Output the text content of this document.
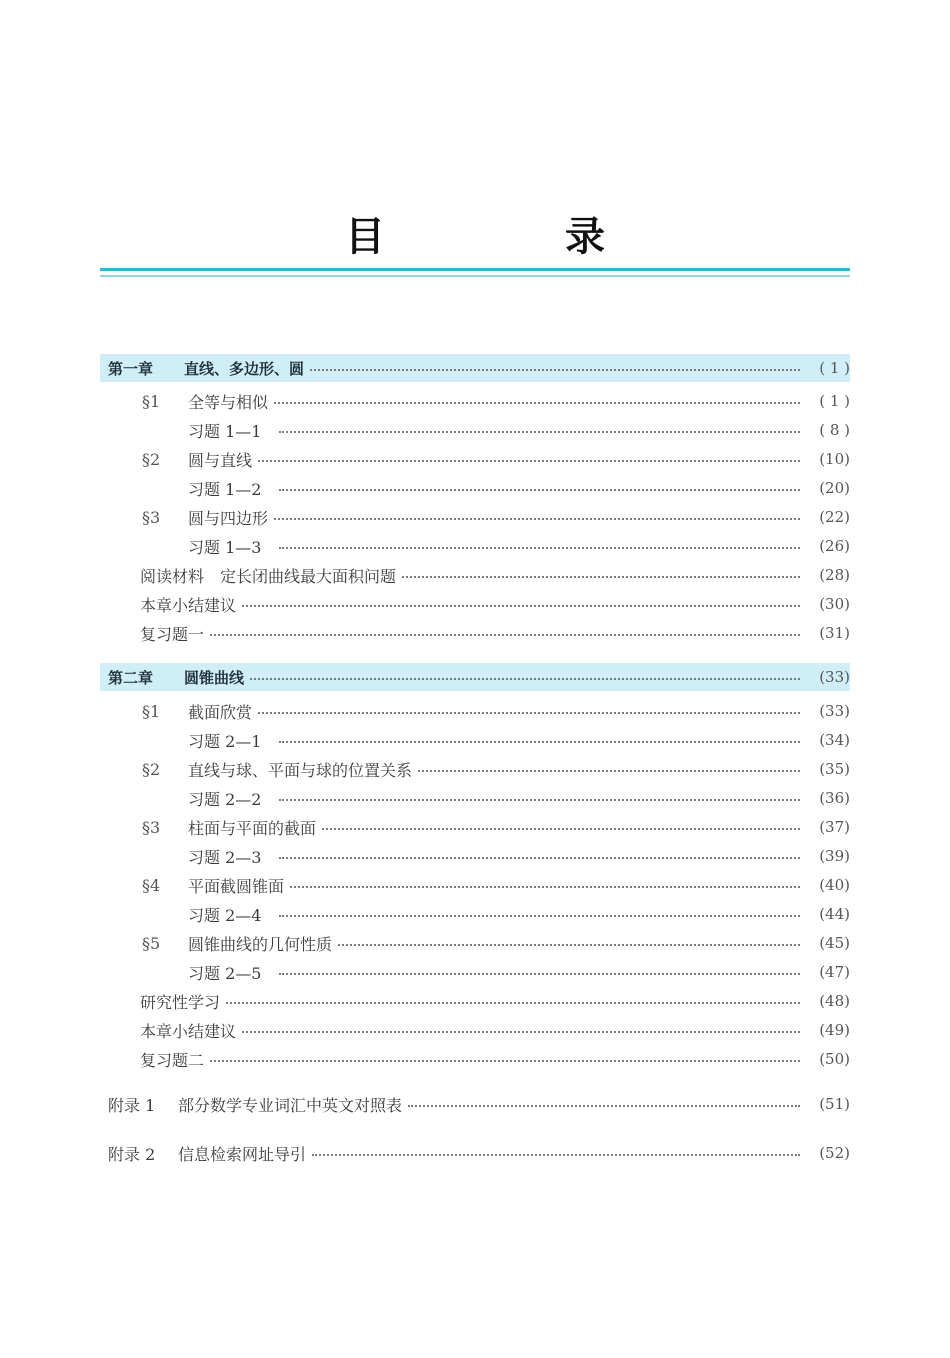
目　录
第一章	直线、多边形、圆	( 1 )
§1	全等与相似	( 1 )
习题 1—1	( 8 )
§2	圆与直线	(10)
习题 1—2	(20)
§3	圆与四边形	(22)
习题 1—3	(26)
阅读材料　定长闭曲线最大面积问题	(28)
本章小结建议	(30)
复习题一	(31)
第二章	圆锥曲线	(33)
§1	截面欣赏	(33)
习题 2—1	(34)
§2	直线与球、平面与球的位置关系	(35)
习题 2—2	(36)
§3	柱面与平面的截面	(37)
习题 2—3	(39)
§4	平面截圆锥面	(40)
习题 2—4	(44)
§5	圆锥曲线的几何性质	(45)
习题 2—5	(47)
研究性学习	(48)
本章小结建议	(49)
复习题二	(50)
附录 1	部分数学专业词汇中英文对照表	(51)
附录 2	信息检索网址导引	(52)
